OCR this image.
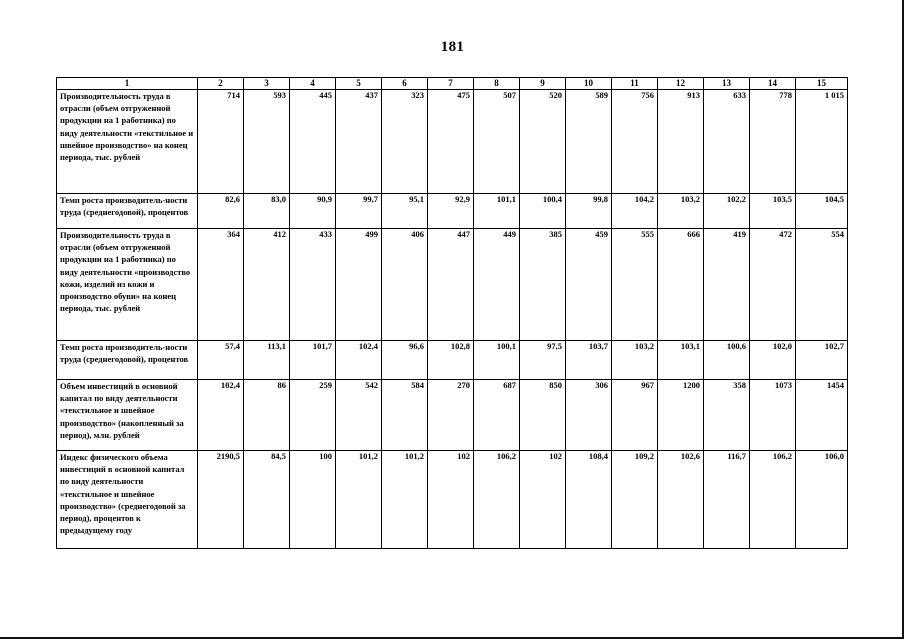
181
1	2	3	4	5	6	7	8	9	10	11	12	13	14	15
Производительность труда в отрасли (объем отгруженной продукции на 1 работника) по виду деятельности «текстильное и швейное производство» на конец периода, тыс. рублей	714	593	445	437	323	475	507	520	589	756	913	633	778	1 015
Темп роста производитель-ности труда (среднегодовой), процентов	82,6	83,0	90,9	99,7	95,1	92,9	101,1	100,4	99,8	104,2	103,2	102,2	103,5	104,5
Производительность труда в отрасли (объем отгруженной продукции на 1 работника) по виду деятельности «производство кожи, изделий из кожи и производство обуви» на конец периода, тыс. рублей	364	412	433	499	406	447	449	385	459	555	666	419	472	554
Темп роста производитель-ности труда (среднегодовой), процентов	57,4	113,1	101,7	102,4	96,6	102,8	100,1	97,5	103,7	103,2	103,1	100,6	102,0	102,7
Объем инвестиций в основной капитал по виду деятельности «текстильное и швейное производство» (накопленный за период), млн. рублей	102,4	86	259	542	584	270	687	850	306	967	1200	358	1073	1454
Индекс физического объема инвестиций в основной капитал по виду деятельности «текстильное и швейное производство» (среднегодовой за период), процентов к предыдущему году	2190,5	84,5	100	101,2	101,2	102	106,2	102	108,4	109,2	102,6	116,7	106,2	106,0
